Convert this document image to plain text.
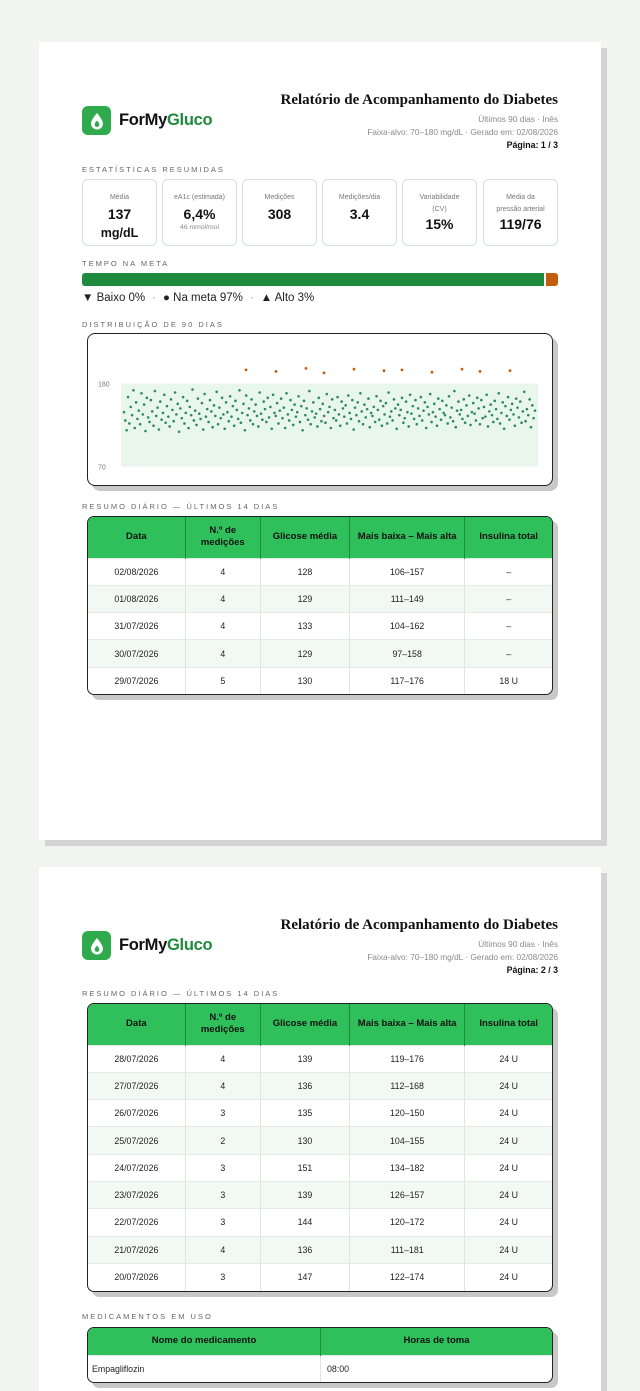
ForMyGluco
Relatório de Acompanhamento do Diabetes
Últimos 90 dias · Inês
Faixa-alvo: 70–180 mg/dL · Gerado em: 02/08/2026
Página: 1 / 3
ESTATÍSTICAS RESUMIDAS
Média
137
mg/dL
eA1c (estimada)
6,4%
46 mmol/mol
Medições
308
Medições/dia
3.4
Variabilidade
(CV)
15%
Média da
pressão arterial
119/76
TEMPO NA META
▼ Baixo 0% · ● Na meta 97% · ▲ Alto 3%
DISTRIBUIÇÃO DE 90 DIAS
180
70
RESUMO DIÁRIO — ÚLTIMOS 14 DIAS
Data	N.º de medições	Glicose média	Mais baixa – Mais alta	Insulina total
02/08/2026	4	128	106–157	–
01/08/2026	4	129	111–149	–
31/07/2026	4	133	104–162	–
30/07/2026	4	129	97–158	–
29/07/2026	5	130	117–176	18 U
ForMyGluco
Relatório de Acompanhamento do Diabetes
Últimos 90 dias · Inês
Faixa-alvo: 70–180 mg/dL · Gerado em: 02/08/2026
Página: 2 / 3
RESUMO DIÁRIO — ÚLTIMOS 14 DIAS
Data	N.º de medições	Glicose média	Mais baixa – Mais alta	Insulina total
28/07/2026	4	139	119–176	24 U
27/07/2026	4	136	112–168	24 U
26/07/2026	3	135	120–150	24 U
25/07/2026	2	130	104–155	24 U
24/07/2026	3	151	134–182	24 U
23/07/2026	3	139	126–157	24 U
22/07/2026	3	144	120–172	24 U
21/07/2026	4	136	111–181	24 U
20/07/2026	3	147	122–174	24 U
MEDICAMENTOS EM USO
Nome do medicamento	Horas de toma
Empagliflozin	08:00
